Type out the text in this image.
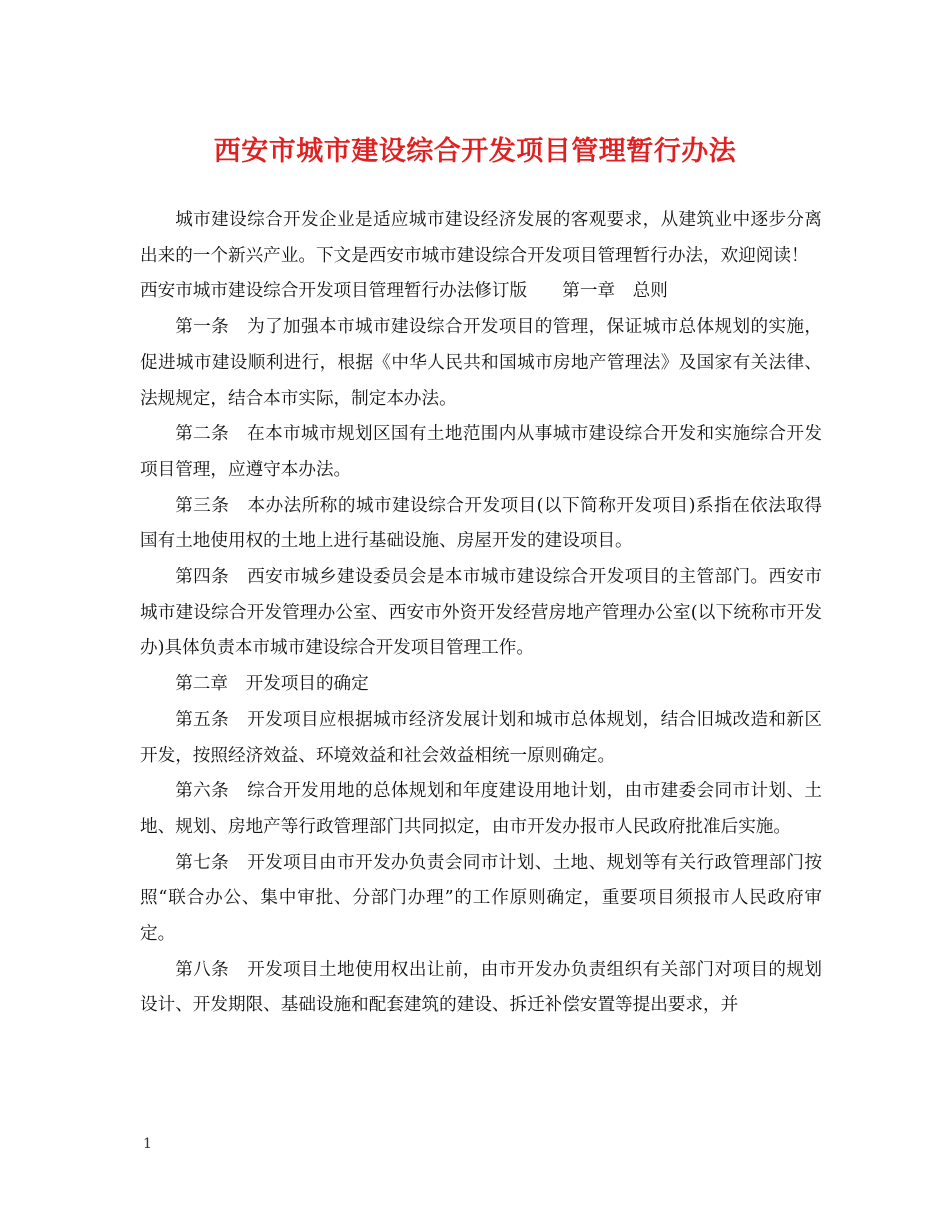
西安市城市建设综合开发项目管理暂行办法

城市建设综合开发企业是适应城市建设经济发展的客观要求，从建筑业中逐步分离出来的一个新兴产业。下文是西安市城市建设综合开发项目管理暂行办法，欢迎阅读！

西安市城市建设综合开发项目管理暂行办法修订版 第一章 总则

第一条 为了加强本市城市建设综合开发项目的管理，保证城市总体规划的实施，促进城市建设顺利进行，根据《中华人民共和国城市房地产管理法》及国家有关法律、法规规定，结合本市实际，制定本办法。

第二条 在本市城市规划区国有土地范围内从事城市建设综合开发和实施综合开发项目管理，应遵守本办法。

第三条 本办法所称的城市建设综合开发项目(以下简称开发项目)系指在依法取得国有土地使用权的土地上进行基础设施、房屋开发的建设项目。

第四条 西安市城乡建设委员会是本市城市建设综合开发项目的主管部门。西安市城市建设综合开发管理办公室、西安市外资开发经营房地产管理办公室(以下统称市开发办)具体负责本市城市建设综合开发项目管理工作。

第二章 开发项目的确定

第五条 开发项目应根据城市经济发展计划和城市总体规划，结合旧城改造和新区开发，按照经济效益、环境效益和社会效益相统一原则确定。

第六条 综合开发用地的总体规划和年度建设用地计划，由市建委会同市计划、土地、规划、房地产等行政管理部门共同拟定，由市开发办报市人民政府批准后实施。

第七条 开发项目由市开发办负责会同市计划、土地、规划等有关行政管理部门按照“联合办公、集中审批、分部门办理”的工作原则确定，重要项目须报市人民政府审定。

第八条 开发项目土地使用权出让前，由市开发办负责组织有关部门对项目的规划设计、开发期限、基础设施和配套建筑的建设、拆迁补偿安置等提出要求，并

1
